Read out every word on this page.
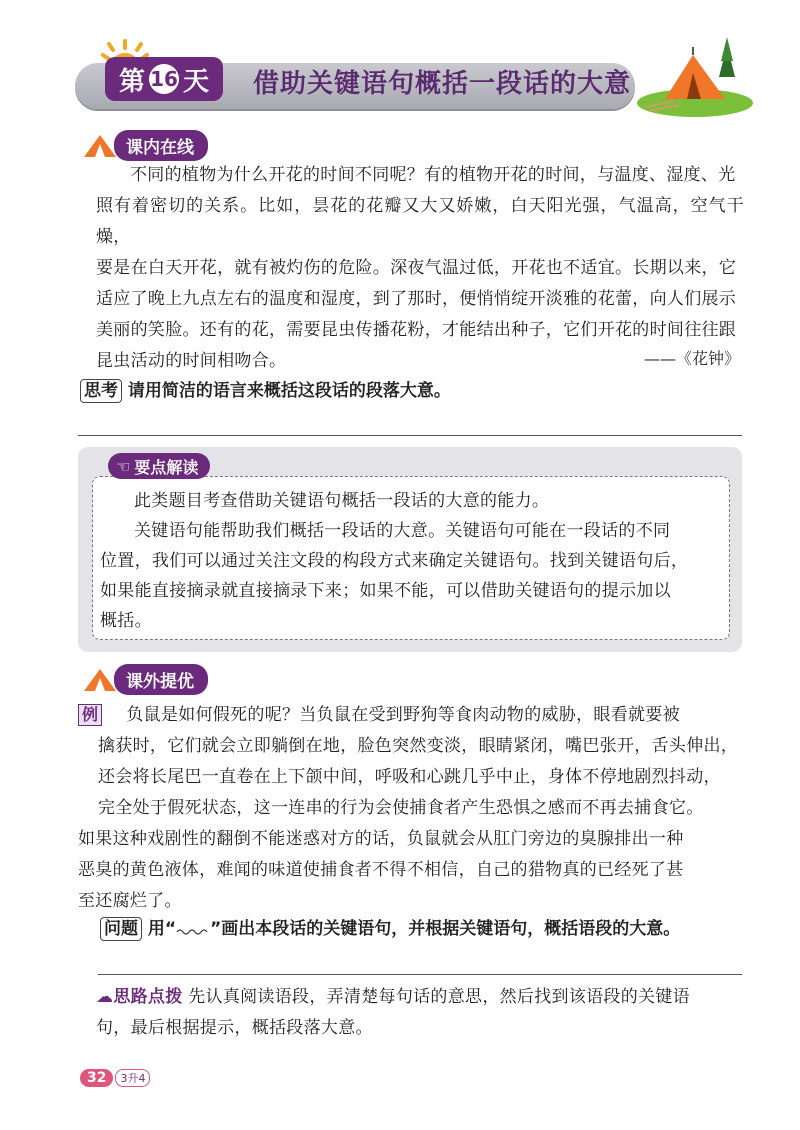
第 16 天 借助关键语句概括一段话的大意
课内在线
不同的植物为什么开花的时间不同呢？有的植物开花的时间，与温度、湿度、光
照有着密切的关系。比如，昙花的花瓣又大又娇嫩，白天阳光强，气温高，空气干燥，
要是在白天开花，就有被灼伤的危险。深夜气温过低，开花也不适宜。长期以来，它
适应了晚上九点左右的温度和湿度，到了那时，便悄悄绽开淡雅的花蕾，向人们展示
美丽的笑脸。还有的花，需要昆虫传播花粉，才能结出种子，它们开花的时间往往跟
昆虫活动的时间相吻合。	——《花钟》
思考 请用简洁的语言来概括这段话的段落大意。
☜ 要点解读
此类题目考查借助关键语句概括一段话的大意的能力。
关键语句能帮助我们概括一段话的大意。关键语句可能在一段话的不同
位置，我们可以通过关注文段的构段方式来确定关键语句。找到关键语句后，
如果能直接摘录就直接摘录下来；如果不能，可以借助关键语句的提示加以
概括。
课外提优
例 负鼠是如何假死的呢？当负鼠在受到野狗等食肉动物的威胁，眼看就要被
擒获时，它们就会立即躺倒在地，脸色突然变淡，眼睛紧闭，嘴巴张开，舌头伸出，
还会将长尾巴一直卷在上下颌中间，呼吸和心跳几乎中止，身体不停地剧烈抖动，
完全处于假死状态，这一连串的行为会使捕食者产生恐惧之感而不再去捕食它。
如果这种戏剧性的翻倒不能迷惑对方的话，负鼠就会从肛门旁边的臭腺排出一种
恶臭的黄色液体，难闻的味道使捕食者不得不相信，自己的猎物真的已经死了甚
至还腐烂了。
问题 用“ ”画出本段话的关键语句，并根据关键语句，概括语段的大意。
☁思路点拨 先认真阅读语段，弄清楚每句话的意思，然后找到该语段的关键语
句，最后根据提示，概括段落大意。
32	3升4
